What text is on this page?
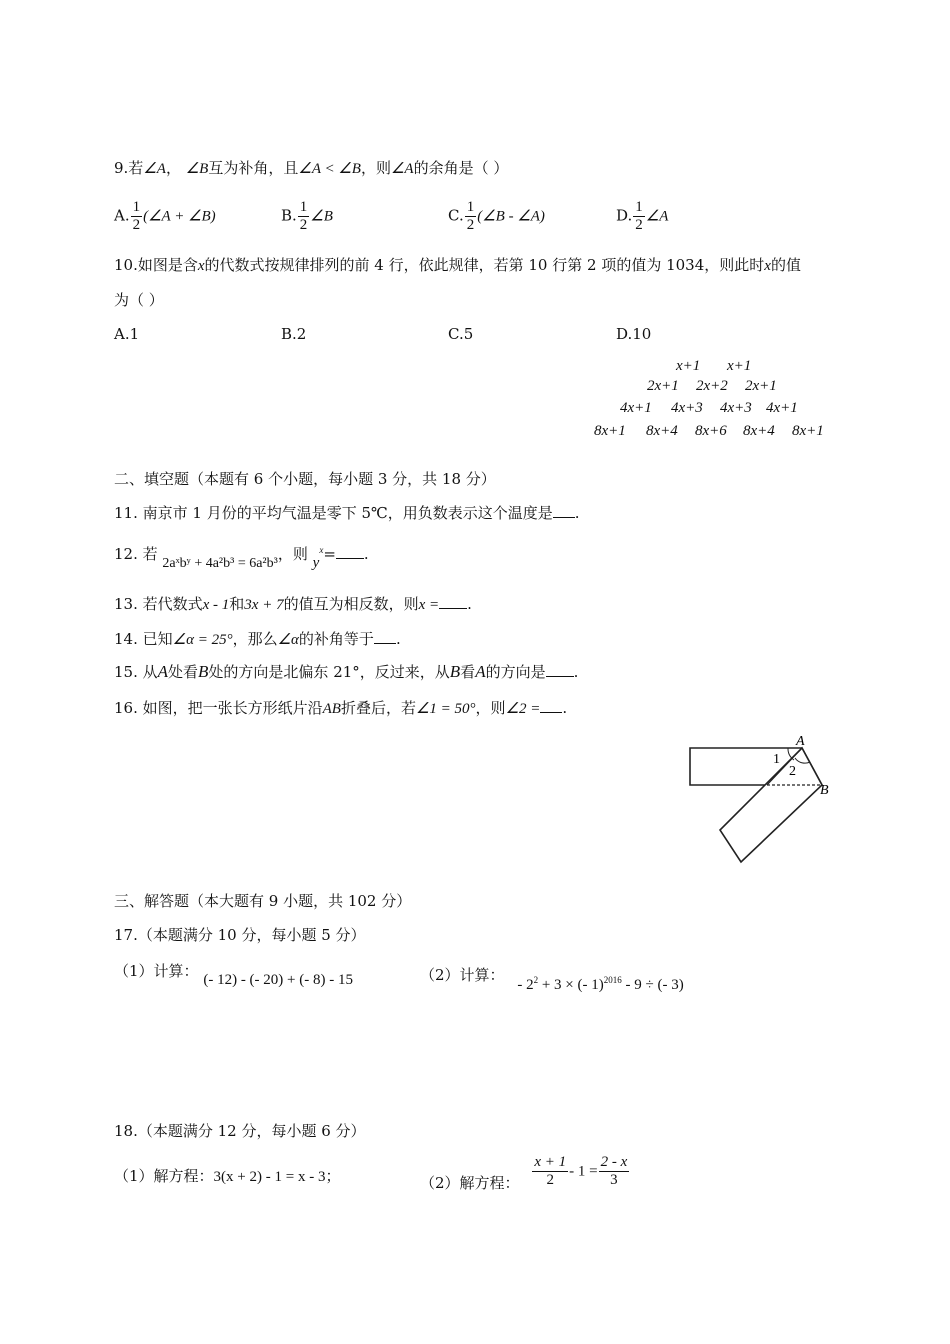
9.若∠A， ∠B互为补角，且∠A < ∠B，则∠A的余角是（ ）
A. $\frac{1}{2}$ (∠A + ∠B)	B. $\frac{1}{2}$ ∠B	C. $\frac{1}{2}$ (∠B - ∠A)	D. $\frac{1}{2}$ ∠A
10.如图是含x的代数式按规律排列的前 4 行，依此规律，若第 10 行第 2 项的值为 1034，则此时x的值
为（ ）
A.1	B.2	C.5	D.10
x+1 x+1
2x+1 2x+2 2x+1
4x+1 4x+3 4x+3 4x+1
8x+1 8x+4 8x+6 8x+4 8x+1
二、填空题（本题有 6 个小题，每小题 3 分，共 18 分）
11. 南京市 1 月份的平均气温是零下 5℃，用负数表示这个温度是 .
12. 若 2aˣbʸ + 4a²b³ = 6a²b³，则 $y^x=$ .
13. 若代数式x - 1和3x + 7的值互为相反数，则x = .
14. 已知∠α = 25°，那么∠α的补角等于 .
15. 从A处看B处的方向是北偏东 21°，反过来，从B看A的方向是 .
16. 如图，把一张长方形纸片沿AB折叠后，若∠1 = 50°，则∠2 = .
A
B
1
2
三、解答题（本大题有 9 小题，共 102 分）
17.（本题满分 10 分，每小题 5 分）
（1）计算： (- 12) - (- 20) + (- 8) - 15	（2）计算： - $2^2 + 3$ × (- 1)$^{2016}$ - 9 ÷ (- 3)
18.（本题满分 12 分，每小题 6 分）
（1）解方程：3(x + 2) - 1 = x - 3；	（2）解方程： $\frac{x + 1}{2} - 1 = \frac{2 - x}{3}$
